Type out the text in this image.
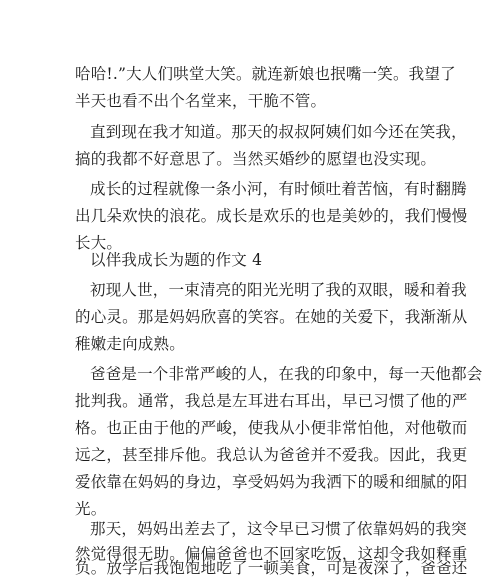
哈哈!.”大人们哄堂大笑。就连新娘也抿嘴一笑。我望了
半天也看不出个名堂来，干脆不管。
直到现在我才知道。那天的叔叔阿姨们如今还在笑我，
搞的我都不好意思了。当然买婚纱的愿望也没实现。
成长的过程就像一条小河，有时倾吐着苦恼，有时翻腾
出几朵欢快的浪花。成长是欢乐的也是美妙的，我们慢慢
长大。
以伴我成长为题的作文 4
初现人世，一束清亮的阳光光明了我的双眼，暖和着我
的心灵。那是妈妈欣喜的笑容。在她的关爱下，我渐渐从
稚嫩走向成熟。
爸爸是一个非常严峻的人，在我的印象中，每一天他都会
批判我。通常，我总是左耳进右耳出，早已习惯了他的严
格。也正由于他的严峻，使我从小便非常怕他，对他敬而
远之，甚至排斥他。我总认为爸爸并不爱我。因此，我更
爱依靠在妈妈的身边，享受妈妈为我洒下的暖和细腻的阳
光。
那天，妈妈出差去了，这令早已习惯了依靠妈妈的我突
然觉得很无助。偏偏爸爸也不回家吃饭，这却令我如释重
负。放学后我饱饱地吃了一顿美食，可是夜深了，爸爸还
